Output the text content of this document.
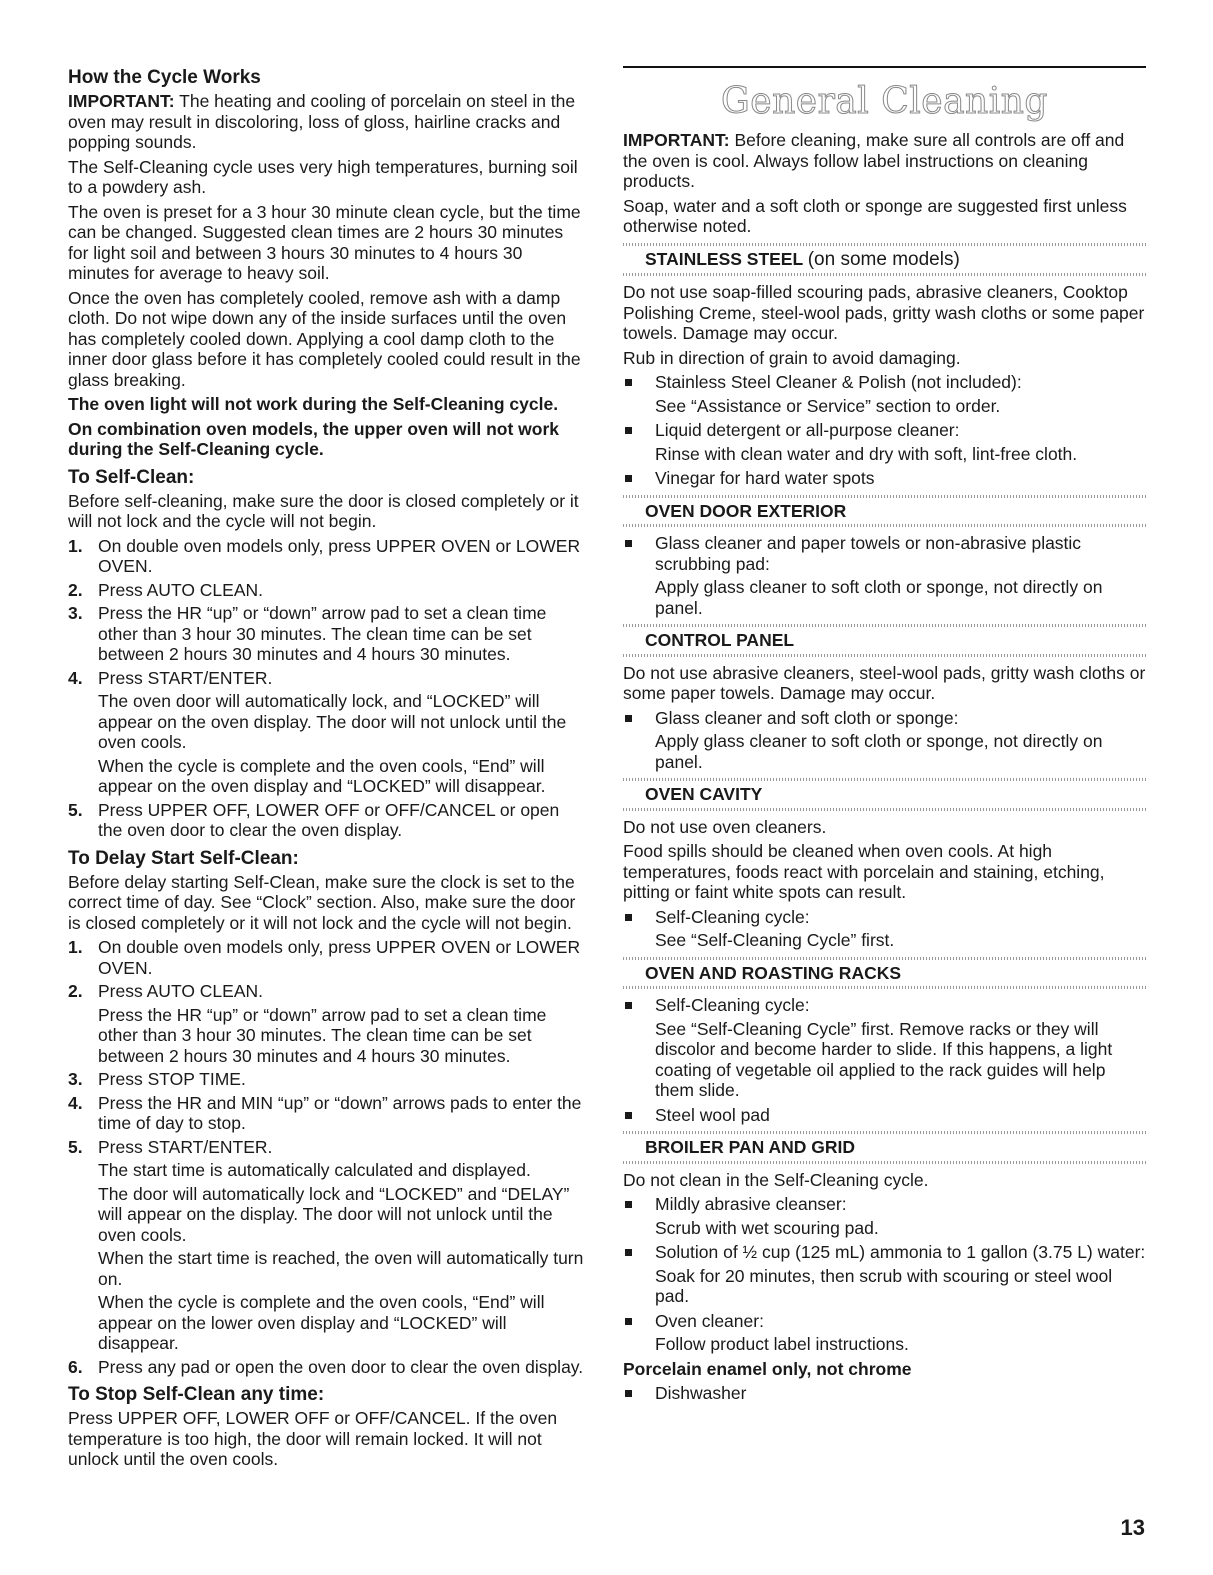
How the Cycle Works

IMPORTANT: The heating and cooling of porcelain on steel in the oven may result in discoloring, loss of gloss, hairline cracks and popping sounds.

The Self-Cleaning cycle uses very high temperatures, burning soil to a powdery ash.

The oven is preset for a 3 hour 30 minute clean cycle, but the time can be changed. Suggested clean times are 2 hours 30 minutes for light soil and between 3 hours 30 minutes to 4 hours 30 minutes for average to heavy soil.

Once the oven has completely cooled, remove ash with a damp cloth. Do not wipe down any of the inside surfaces until the oven has completely cooled down. Applying a cool damp cloth to the inner door glass before it has completely cooled could result in the glass breaking.

The oven light will not work during the Self-Cleaning cycle.

On combination oven models, the upper oven will not work during the Self-Cleaning cycle.

To Self-Clean:

Before self-cleaning, make sure the door is closed completely or it will not lock and the cycle will not begin.

1. On double oven models only, press UPPER OVEN or LOWER OVEN.
2. Press AUTO CLEAN.
3. Press the HR “up” or “down” arrow pad to set a clean time other than 3 hour 30 minutes. The clean time can be set between 2 hours 30 minutes and 4 hours 30 minutes.
4. Press START/ENTER.

The oven door will automatically lock, and “LOCKED” will appear on the oven display. The door will not unlock until the oven cools.

When the cycle is complete and the oven cools, “End” will appear on the oven display and “LOCKED” will disappear.

5. Press UPPER OFF, LOWER OFF or OFF/CANCEL or open the oven door to clear the oven display.
To Delay Start Self-Clean:

Before delay starting Self-Clean, make sure the clock is set to the correct time of day. See “Clock” section. Also, make sure the door is closed completely or it will not lock and the cycle will not begin.

1. On double oven models only, press UPPER OVEN or LOWER OVEN.
2. Press AUTO CLEAN.

Press the HR “up” or “down” arrow pad to set a clean time other than 3 hour 30 minutes. The clean time can be set between 2 hours 30 minutes and 4 hours 30 minutes.

3. Press STOP TIME.
4. Press the HR and MIN “up” or “down” arrows pads to enter the time of day to stop.
5. Press START/ENTER.

The start time is automatically calculated and displayed.

The door will automatically lock and “LOCKED” and “DELAY” will appear on the display. The door will not unlock until the oven cools.

When the start time is reached, the oven will automatically turn on.

When the cycle is complete and the oven cools, “End” will appear on the lower oven display and “LOCKED” will disappear.

6. Press any pad or open the oven door to clear the oven display.
To Stop Self-Clean any time:

Press UPPER OFF, LOWER OFF or OFF/CANCEL. If the oven temperature is too high, the door will remain locked. It will not unlock until the oven cools.

General Cleaning

IMPORTANT: Before cleaning, make sure all controls are off and the oven is cool. Always follow label instructions on cleaning products.

Soap, water and a soft cloth or sponge are suggested first unless otherwise noted.

STAINLESS STEEL (on some models)

Do not use soap-filled scouring pads, abrasive cleaners, Cooktop Polishing Creme, steel-wool pads, gritty wash cloths or some paper towels. Damage may occur.

Rub in direction of grain to avoid damaging.

Stainless Steel Cleaner & Polish (not included):

See “Assistance or Service” section to order.

Liquid detergent or all-purpose cleaner:

Rinse with clean water and dry with soft, lint-free cloth.

Vinegar for hard water spots
OVEN DOOR EXTERIOR
Glass cleaner and paper towels or non-abrasive plastic scrubbing pad:

Apply glass cleaner to soft cloth or sponge, not directly on panel.

CONTROL PANEL

Do not use abrasive cleaners, steel-wool pads, gritty wash cloths or some paper towels. Damage may occur.

Glass cleaner and soft cloth or sponge:

Apply glass cleaner to soft cloth or sponge, not directly on panel.

OVEN CAVITY

Do not use oven cleaners.

Food spills should be cleaned when oven cools. At high temperatures, foods react with porcelain and staining, etching, pitting or faint white spots can result.

Self-Cleaning cycle:

See “Self-Cleaning Cycle” first.

OVEN AND ROASTING RACKS
Self-Cleaning cycle:

See “Self-Cleaning Cycle” first. Remove racks or they will discolor and become harder to slide. If this happens, a light coating of vegetable oil applied to the rack guides will help them slide.

Steel wool pad
BROILER PAN AND GRID

Do not clean in the Self-Cleaning cycle.

Mildly abrasive cleanser:

Scrub with wet scouring pad.

Solution of ½ cup (125 mL) ammonia to 1 gallon (3.75 L) water:

Soak for 20 minutes, then scrub with scouring or steel wool pad.

Oven cleaner:

Follow product label instructions.

Porcelain enamel only, not chrome

Dishwasher
13
